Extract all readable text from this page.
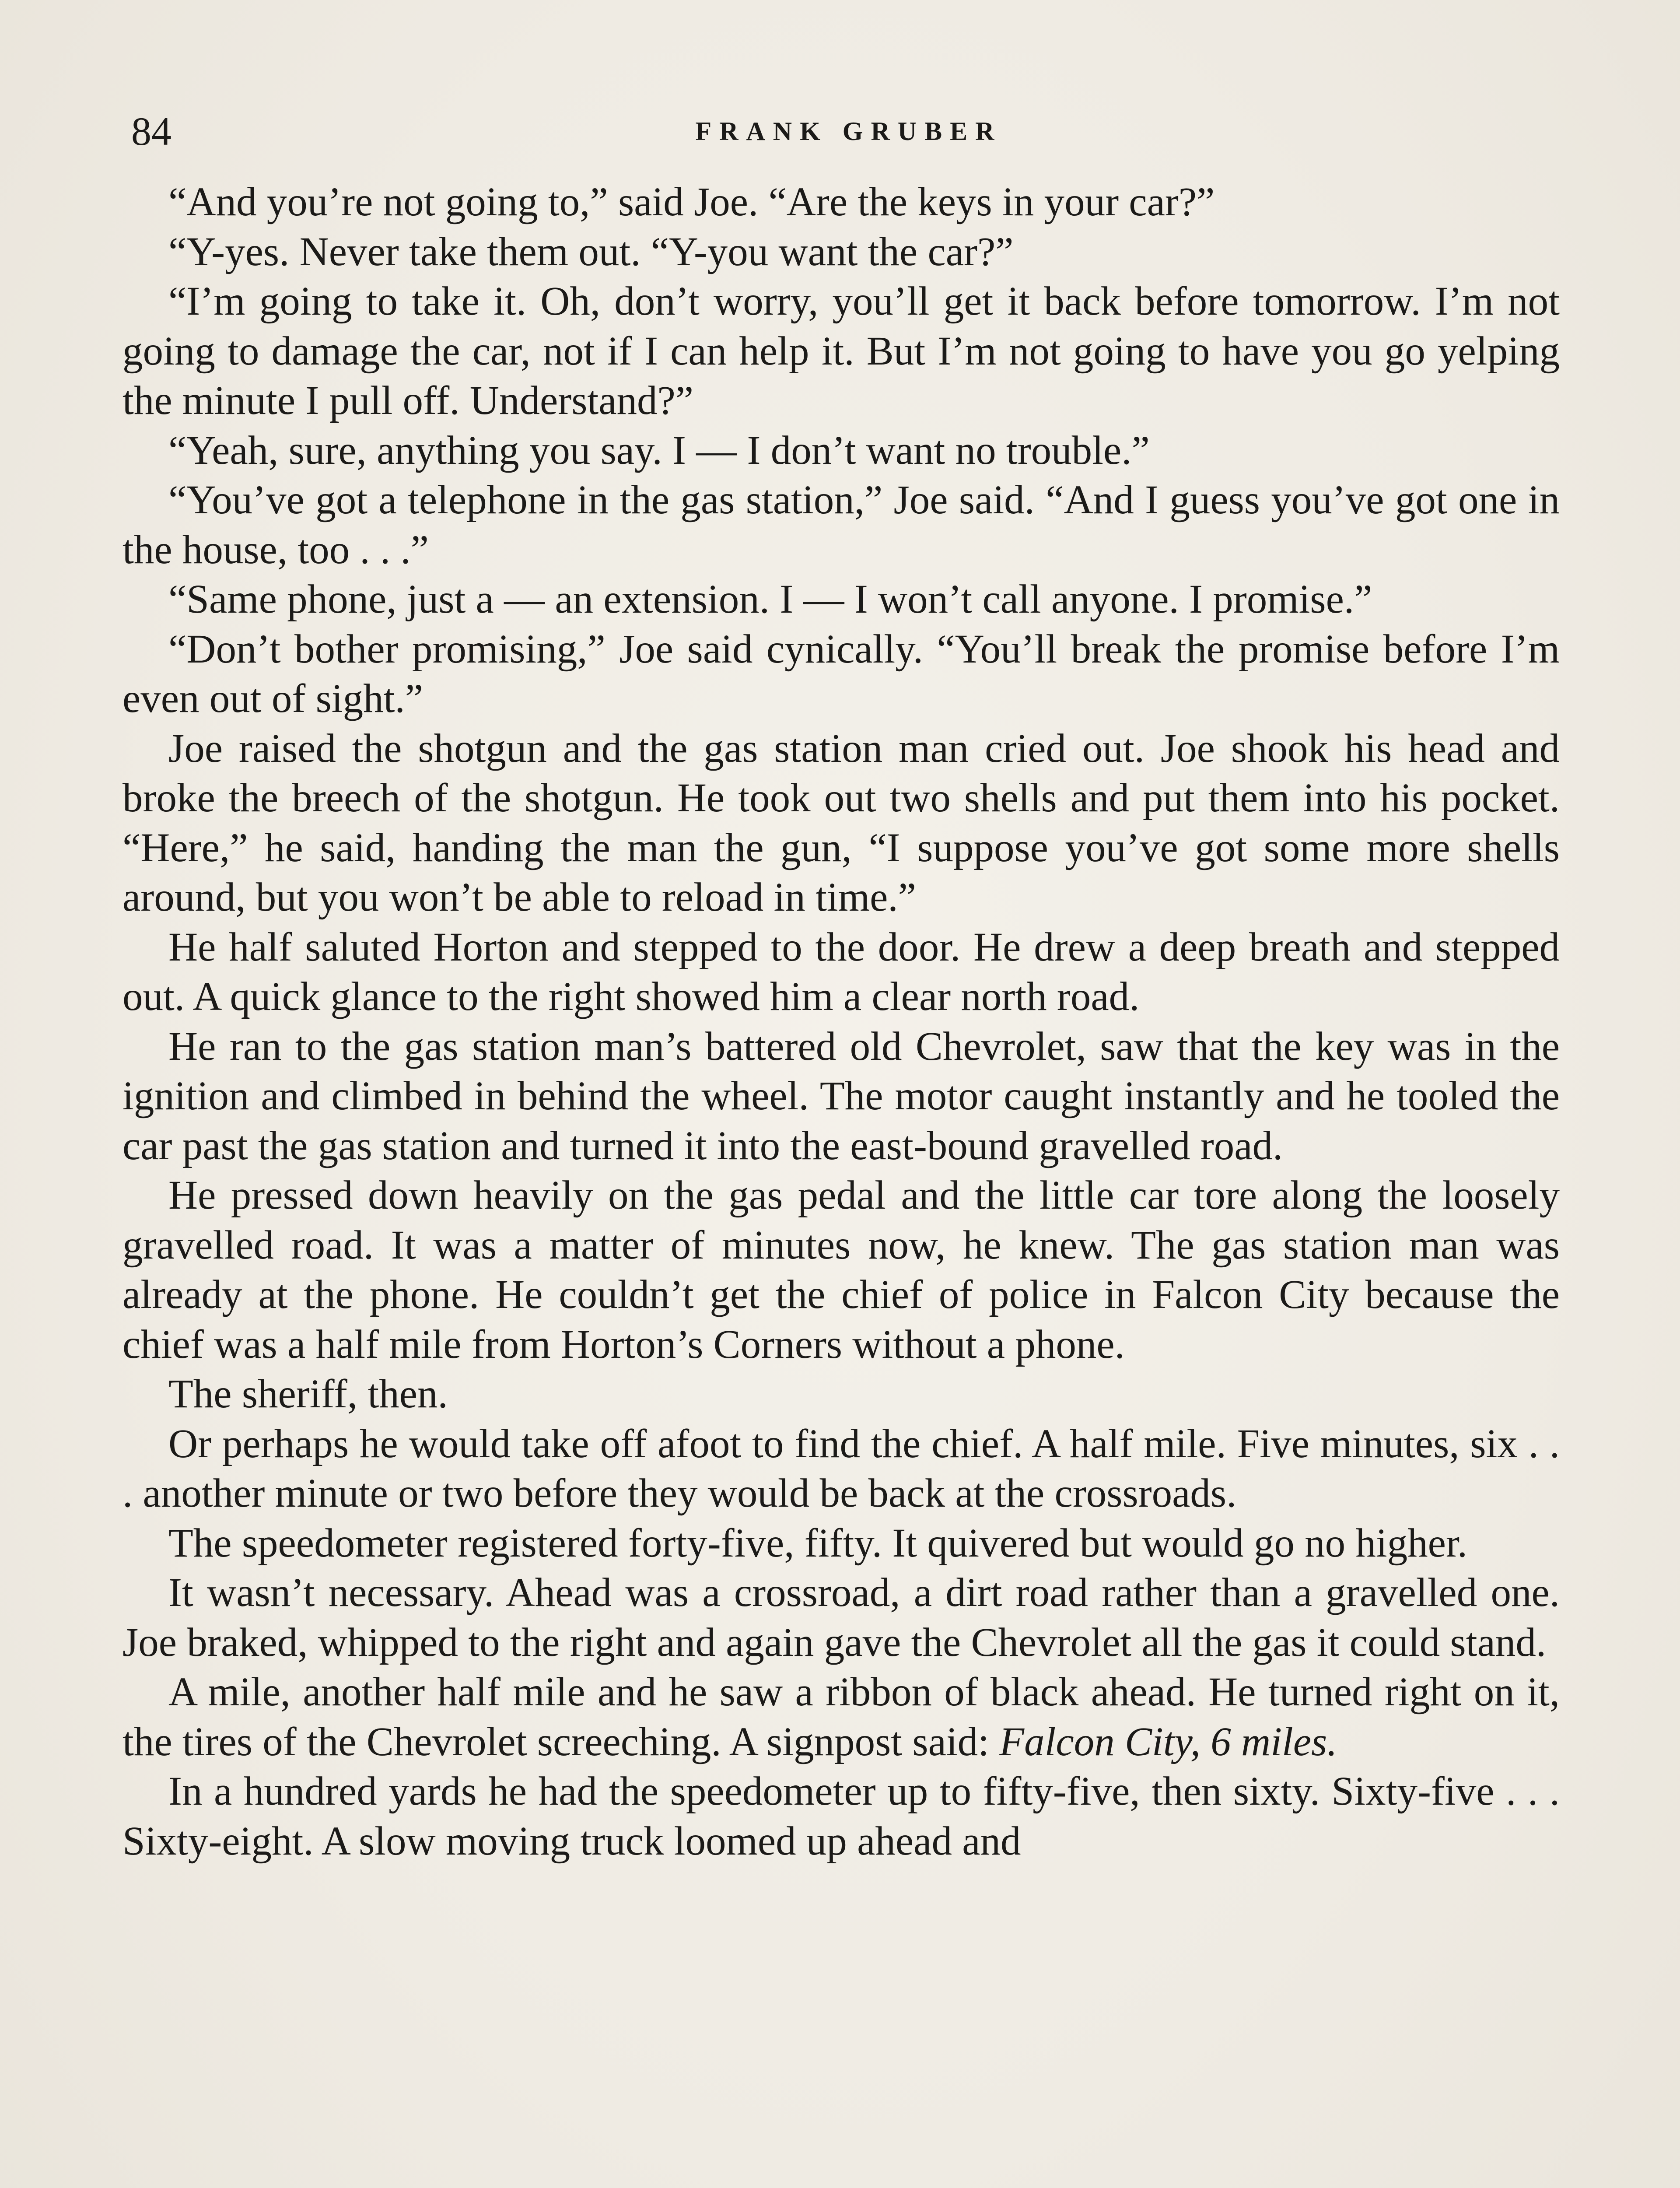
84	FRANK GRUBER

“And you’re not going to,” said Joe. “Are the keys in your car?”

“Y-yes. Never take them out. “Y-you want the car?”

“I’m going to take it. Oh, don’t worry, you’ll get it back before tomorrow. I’m not going to damage the car, not if I can help it. But I’m not going to have you go yelping the minute I pull off. Understand?”

“Yeah, sure, anything you say. I — I don’t want no trouble.”

“You’ve got a telephone in the gas station,” Joe said. “And I guess you’ve got one in the house, too . . .”

“Same phone, just a — an extension. I — I won’t call anyone. I promise.”

“Don’t bother promising,” Joe said cynically. “You’ll break the promise before I’m even out of sight.”

Joe raised the shotgun and the gas station man cried out. Joe shook his head and broke the breech of the shotgun. He took out two shells and put them into his pocket. “Here,” he said, handing the man the gun, “I suppose you’ve got some more shells around, but you won’t be able to reload in time.”

He half saluted Horton and stepped to the door. He drew a deep breath and stepped out. A quick glance to the right showed him a clear north road.

He ran to the gas station man’s battered old Chevrolet, saw that the key was in the ignition and climbed in behind the wheel. The motor caught instantly and he tooled the car past the gas station and turned it into the east-bound gravelled road.

He pressed down heavily on the gas pedal and the little car tore along the loosely gravelled road. It was a matter of minutes now, he knew. The gas station man was already at the phone. He couldn’t get the chief of police in Falcon City because the chief was a half mile from Horton’s Corners without a phone.

The sheriff, then.

Or perhaps he would take off afoot to find the chief. A half mile. Five minutes, six . . . another minute or two before they would be back at the crossroads.

The speedometer registered forty-five, fifty. It quivered but would go no higher.

It wasn’t necessary. Ahead was a crossroad, a dirt road rather than a gravelled one. Joe braked, whipped to the right and again gave the Chevrolet all the gas it could stand.

A mile, another half mile and he saw a ribbon of black ahead. He turned right on it, the tires of the Chevrolet screeching. A signpost said: Falcon City, 6 miles.

In a hundred yards he had the speedometer up to fifty-five, then sixty. Sixty-five . . . Sixty-eight. A slow moving truck loomed up ahead and
